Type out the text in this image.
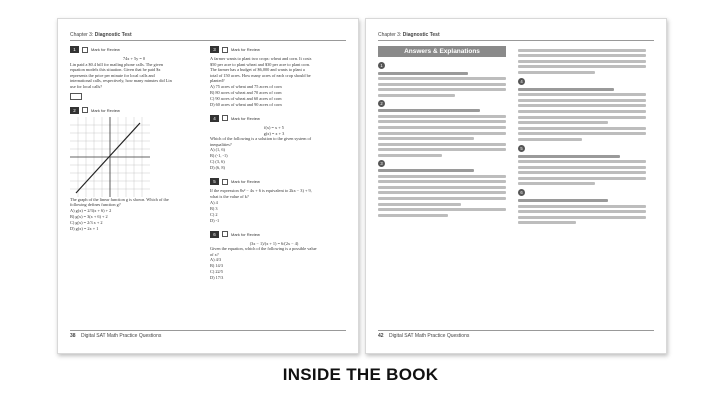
Chapter 3: Diagnostic Test
1	Mark for Review
74x + 5y = 0
Lin paid a $0.4 bill for mailing phone calls. The given
equation models this situation. Given that he paid $x
represents the price per minute for local calls and
international calls, respectively, how many minutes did Lin
use for local calls?
2	Mark for Review
The graph of the linear function g is shown. Which of the
following defines function g?
A) g(x) = 2/3(x + 6) + 2
B) g(x) = 3(x + 6) + 2
C) g(x) = 2/3 x + 2
D) g(x) = 2x + 1
3	Mark for Review
A farmer wants to plant two crops: wheat and corn. It costs
$50 per acre to plant wheat and $30 per acre to plant corn.
The farmer has a budget of $6,000 and wants to plant a
total of 150 acres. How many acres of each crop should be
planted?
A) 75 acres of wheat and 75 acres of corn
B) 80 acres of wheat and 70 acres of corn
C) 90 acres of wheat and 60 acres of corn
D) 60 acres of wheat and 90 acres of corn
4	Mark for Review
f(x) = x + 5
g(x) = x + 3
Which of the following is a solution to the given system of
inequalities?
A) (1, 6)
B) (-1, -1)
C) (3, 6)
D) (6, 8)
5	Mark for Review
If the expression 8x² − 4x + 6 is equivalent to 2kx − 3) + 9,
what is the value of k?
A) 4
B) 3
C) 2
D) -1
6	Mark for Review
(3x − 1)/(x + 1) = 6/(2x − 4)
Given the equation, which of the following is a possible value
of x?
A) 4/3
B) 14/3
C) 22/5
D) 17/3
38 Digital SAT Math Practice Questions
Chapter 3: Diagnostic Test
Answers & Explanations
1
2
3
4
5
6
42 Digital SAT Math Practice Questions
INSIDE THE BOOK
